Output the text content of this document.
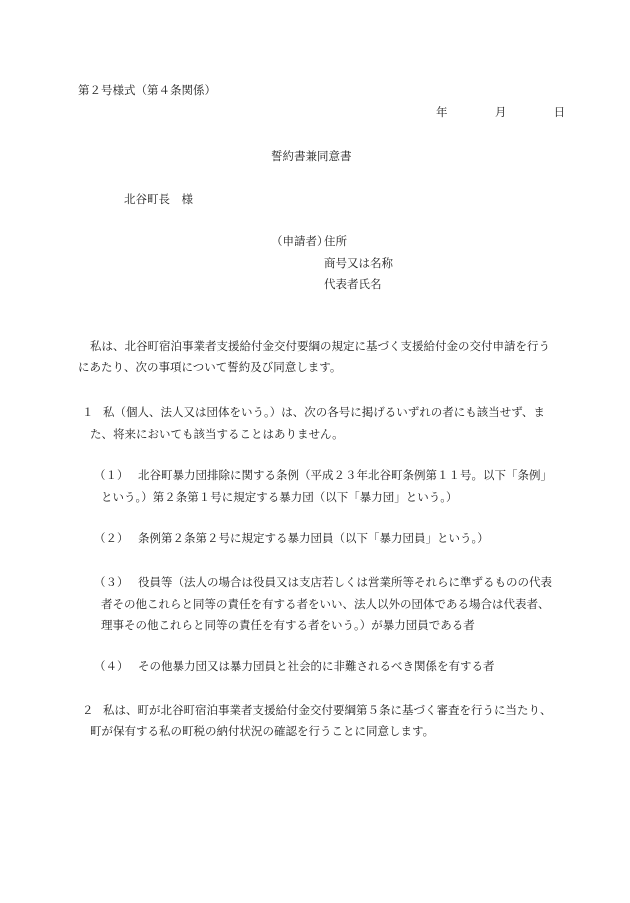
第２号様式（第４条関係）
年	月	日
誓約書兼同意書
北谷町長　様
（申請者）
住所
商号又は名称
代表者氏名
私は、北谷町宿泊事業者支援給付金交付要綱の規定に基づく支援給付金の交付申請を行う
にあたり、次の事項について誓約及び同意します。
１ 私（個人、法人又は団体をいう。）は、次の各号に掲げるいずれの者にも該当せず、ま
た、将来においても該当することはありません。
（１） 北谷町暴力団排除に関する条例（平成２３年北谷町条例第１１号。以下「条例」
という。）第２条第１号に規定する暴力団（以下「暴力団」という。）
（２） 条例第２条第２号に規定する暴力団員（以下「暴力団員」という。）
（３） 役員等（法人の場合は役員又は支店若しくは営業所等それらに準ずるものの代表
者その他これらと同等の責任を有する者をいい、法人以外の団体である場合は代表者、
理事その他これらと同等の責任を有する者をいう。）が暴力団員である者
（４） その他暴力団又は暴力団員と社会的に非難されるべき関係を有する者
２ 私は、町が北谷町宿泊事業者支援給付金交付要綱第５条に基づく審査を行うに当たり、
町が保有する私の町税の納付状況の確認を行うことに同意します。
